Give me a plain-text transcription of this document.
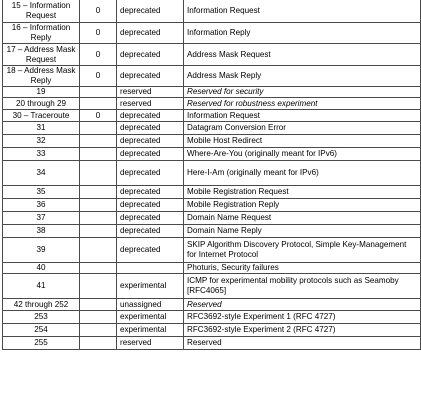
15 – Information Request	0	deprecated	Information Request
16 – Information Reply	0	deprecated	Information Reply
17 – Address Mask Request	0	deprecated	Address Mask Request
18 – Address Mask Reply	0	deprecated	Address Mask Reply
19		reserved	Reserved for security
20 through 29		reserved	Reserved for robustness experiment
30 – Traceroute	0	deprecated	Information Request
31		deprecated	Datagram Conversion Error
32		deprecated	Mobile Host Redirect
33		deprecated	Where-Are-You (originally meant for IPv6)
34		deprecated	Here-I-Am (originally meant for IPv6)
35		deprecated	Mobile Registration Request
36		deprecated	Mobile Registration Reply
37		deprecated	Domain Name Request
38		deprecated	Domain Name Reply
39		deprecated	SKIP Algorithm Discovery Protocol, Simple Key-Management for Internet Protocol
40			Photuris, Security failures
41		experimental	ICMP for experimental mobility protocols such as Seamoby [RFC4065]
42 through 252		unassigned	Reserved
253		experimental	RFC3692-style Experiment 1 (RFC 4727)
254		experimental	RFC3692-style Experiment 2 (RFC 4727)
255		reserved	Reserved
